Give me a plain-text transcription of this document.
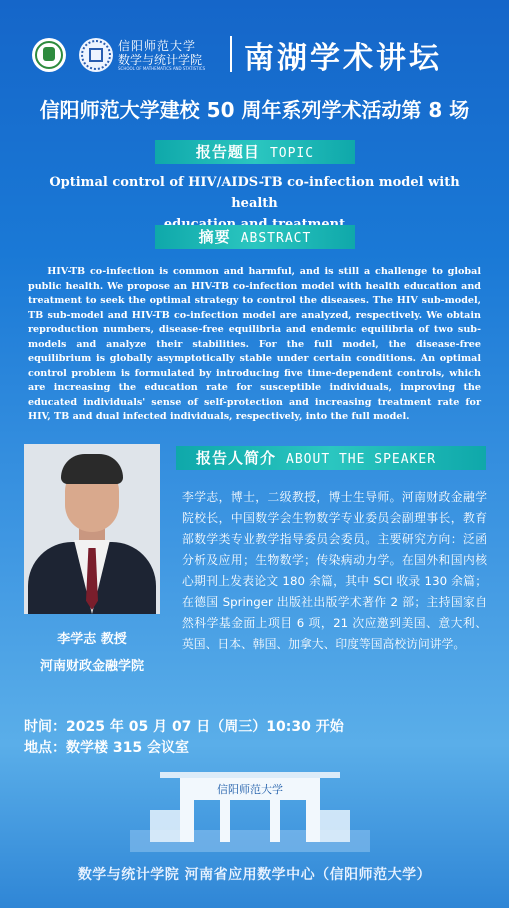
信阳师范大学
数学与统计学院
SCHOOL OF MATHEMATICS AND STATISTICS 南湖学术讲坛
信阳师范大学建校 50 周年系列学术活动第 8 场
报告题目 TOPIC
Optimal control of HIV/AIDS-TB co-infection model with health
摘要 ABSTRACT
HIV-TB co-infection is common and harmful, and is still a challenge to global public health. We propose an HIV-TB co-infection model with health education and treatment to seek the optimal strategy to control the diseases. The HIV sub-model, TB sub-model and HIV-TB co-infection model are analyzed, respectively. We obtain reproduction numbers, disease-free equilibria and endemic equilibria of two sub-models and analyze their stabilities. For the full model, the disease-free equilibrium is globally asymptotically stable under certain conditions. An optimal control problem is formulated by introducing five time-dependent controls, which are increasing the education rate for susceptible individuals, improving the educated individuals' sense of self-protection and increasing treatment rate for HIV, TB and dual infected individuals, respectively, into the full model.
报告人简介 ABOUT THE SPEAKER
李学志，博士，二级教授，博士生导师。河南财政金融学院校长，中国数学会生物数学专业委员会副理事长，教育部数学类专业教学指导委员会委员。主要研究方向：泛函分析及应用；生物数学；传染病动力学。在国外和国内核心期刊上发表论文 180 余篇，其中 SCI 收录 130 余篇；在德国 Springer 出版社出版学术著作 2 部；主持国家自然科学基金面上项目 6 项，21 次应邀到美国、意大利、英国、日本、韩国、加拿大、印度等国高校访问讲学。
李学志 教授
河南财政金融学院
时间：2025 年 05 月 07 日（周三）10:30 开始
地点：数学楼 315 会议室
信阳师范大学
数学与统计学院 河南省应用数学中心（信阳师范大学）
